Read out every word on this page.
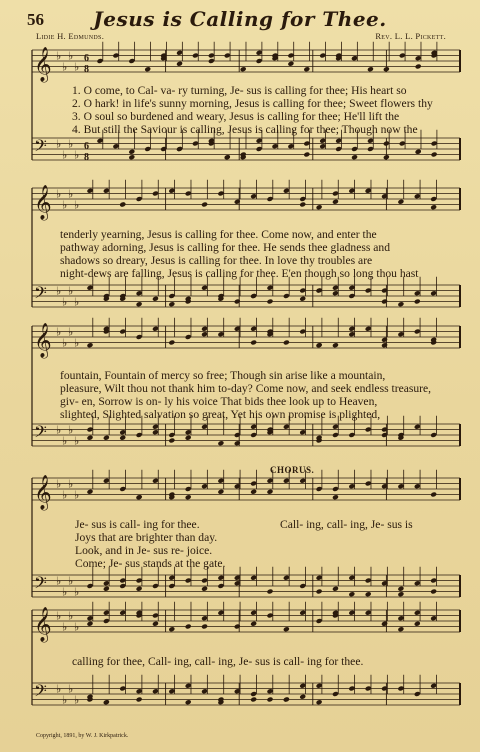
56	Jesus is Calling for Thee.
Lidie H. Edmunds.	Rev. L. L. Pickett.
𝄞 ♭
♭
♭
♭
6
8
𝄢 ♭
♭
♭
♭
6
8
𝄞 ♭
♭
♭
♭
𝄢 ♭
♭
♭
♭
𝄞 ♭
♭
♭
♭
𝄢 ♭
♭
♭
♭
𝄞 ♭
♭
♭
♭
𝄢 ♭
♭
♭
♭
𝄞 ♭
♭
♭
♭
𝄢 ♭
♭
♭
♭
1. O come, to Cal- va- ry turning, Je- sus is calling for thee; His heart so
2. O hark! in life's sunny morning, Jesus is calling for thee; Sweet flowers thy
3. O soul so burdened and weary, Jesus is calling for thee; He'll lift the
4. But still the Saviour is calling, Jesus is calling for thee; Though now the
tenderly yearning, Jesus is calling for thee. Come now, and enter the
pathway adorning, Jesus is calling for thee. He sends thee gladness and
shadows so dreary, Jesus is calling for thee. In love thy troubles are
night-dews are falling, Jesus is calling for thee. E'en though so long thou hast
fountain, Fountain of mercy so free; Though sin arise like a mountain,
pleasure, Wilt thou not thank him to-day? Come now, and seek endless treasure,
giv- en, Sorrow is on- ly his voice That bids thee look up to Heaven,
slighted, Slighted salvation so great, Yet his own promise is plighted,
CHORUS.
Je- sus is call- ing for thee.
Joys that are brighter than day.
Look, and in Je- sus re- joice.
Come; Je- sus stands at the gate.
Call- ing, call- ing, Je- sus is
calling for thee, Call- ing, call- ing, Je- sus is call- ing for thee.
Copyright, 1891, by W. J. Kirkpatrick.
